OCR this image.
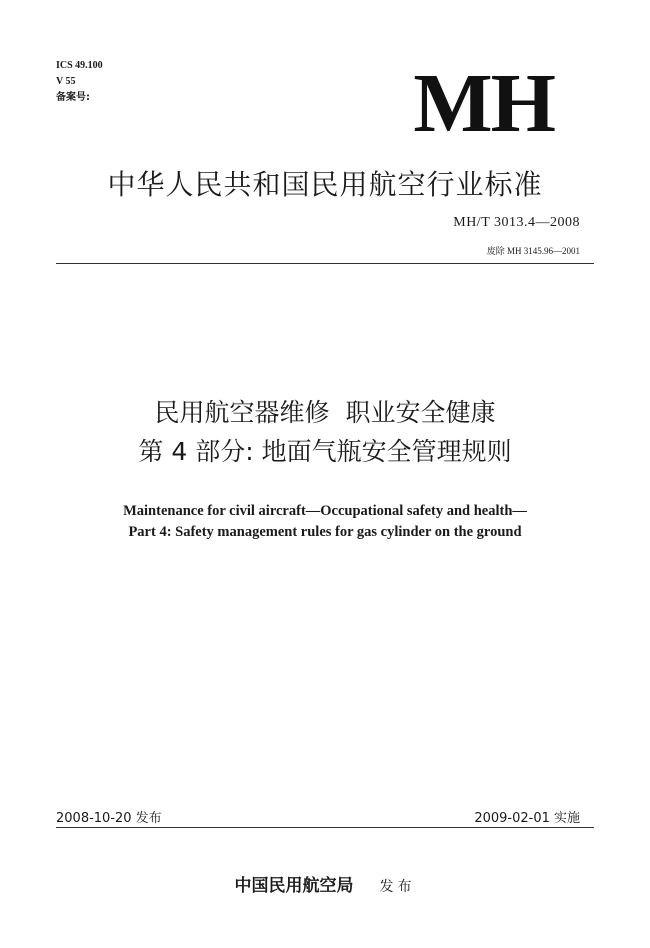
ICS 49.100
V 55
备案号:	MH
中华人民共和国民用航空行业标准
MH/T 3013.4—2008
废除 MH 3145.96—2001
民用航空器维修  职业安全健康
第 4 部分: 地面气瓶安全管理规则
Maintenance for civil aircraft—Occupational safety and health—
Part 4: Safety management rules for gas cylinder on the ground
2008-10-20 发布	2009-02-01 实施
中国民用航空局 发布
